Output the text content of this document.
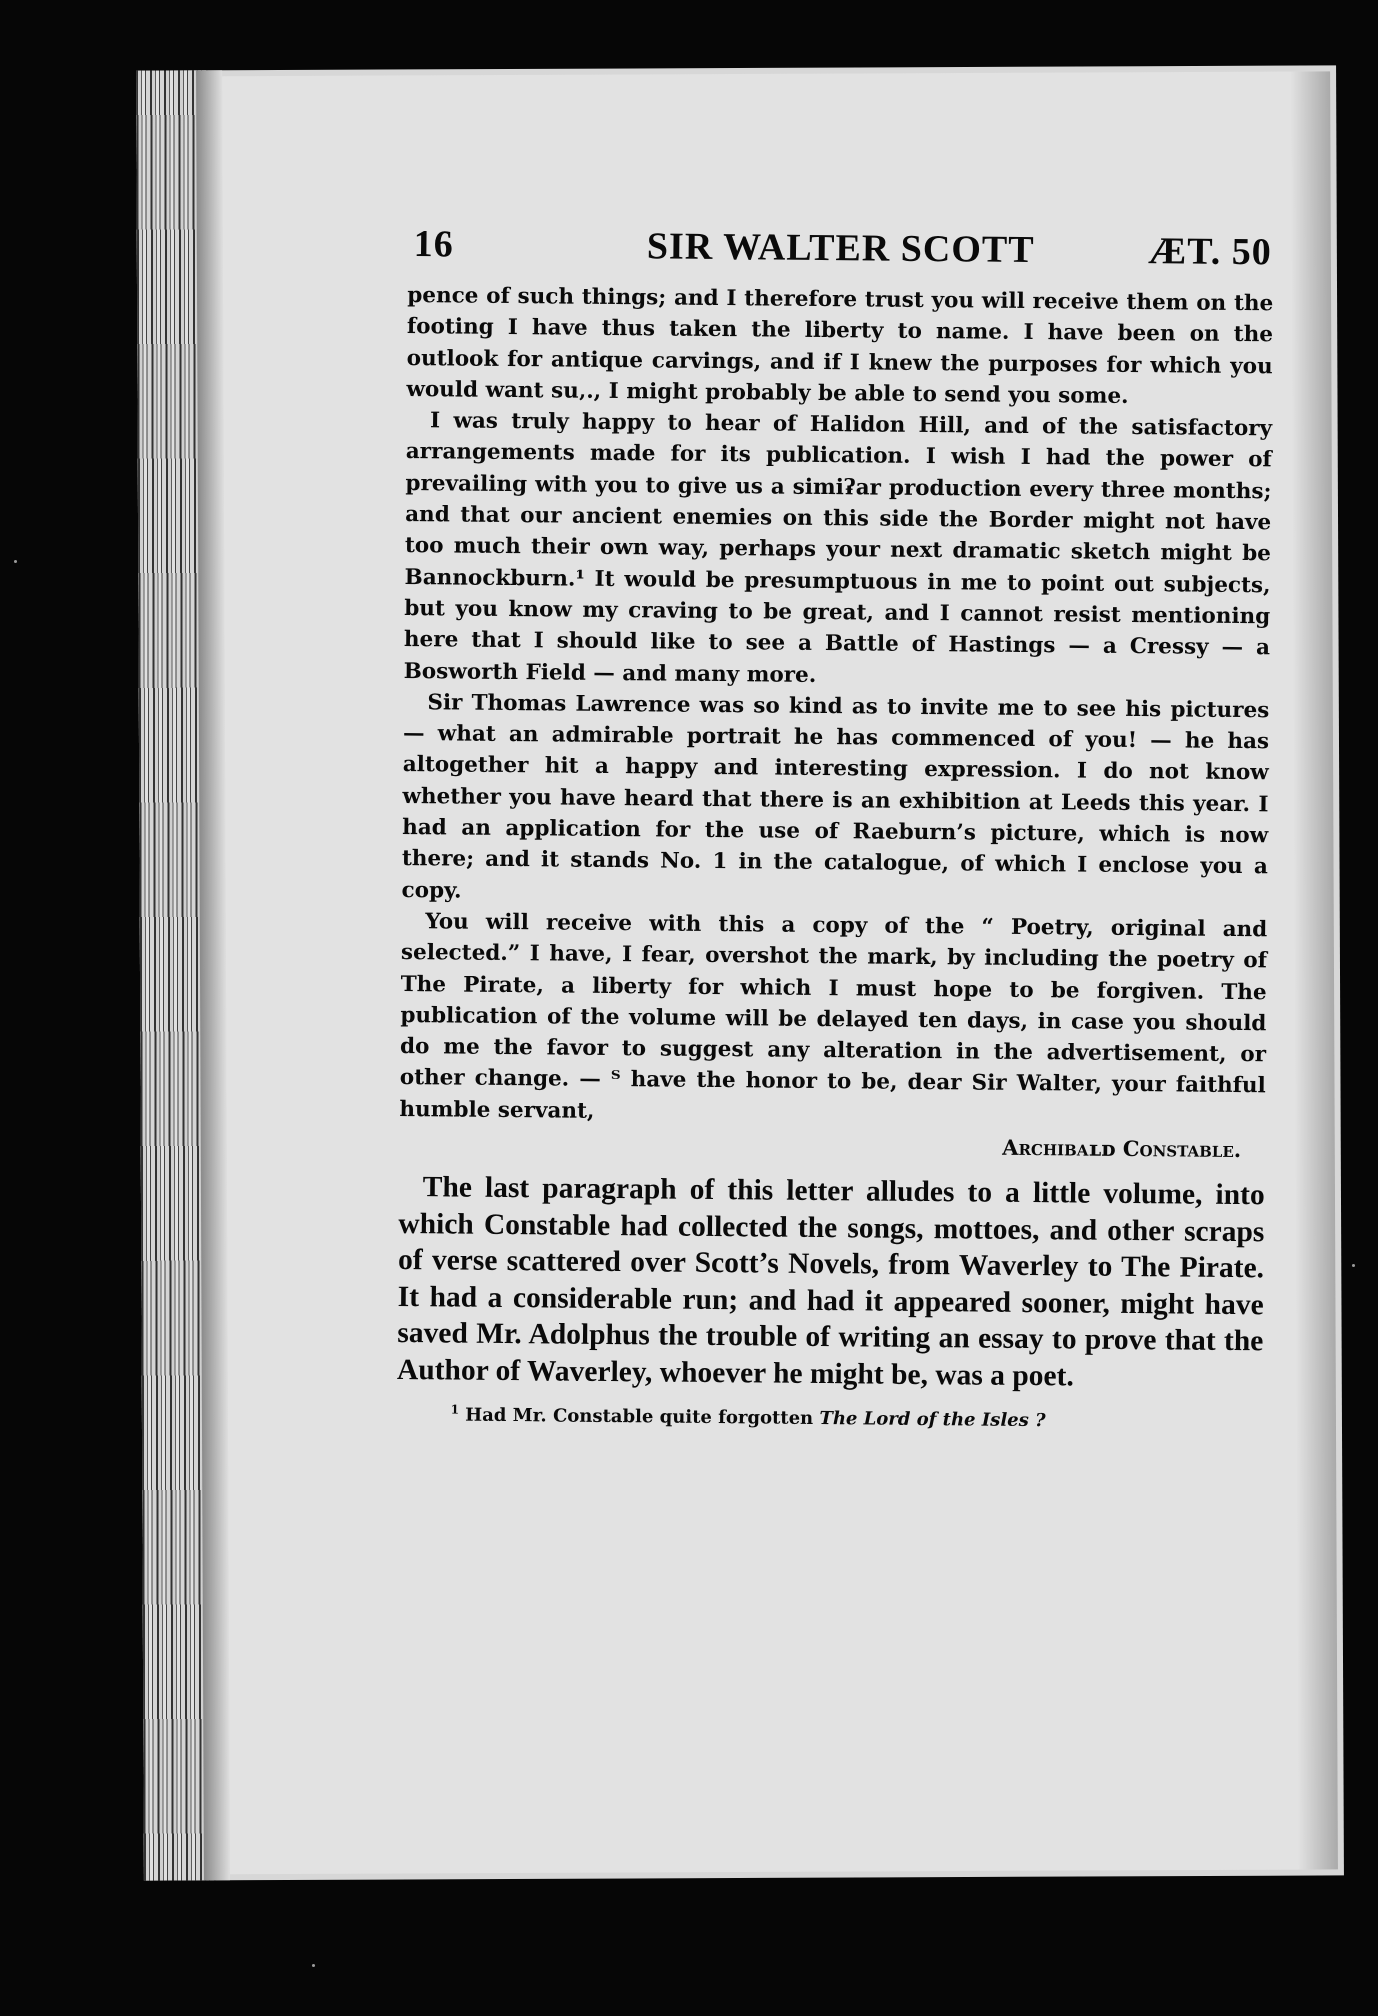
16	SIR WALTER SCOTT	ÆT. 50

pence of such things; and I therefore trust you will receive them on the footing I have thus taken the liberty to name. I have been on the outlook for antique carvings, and if I knew the purposes for which you would want su‚., I might probably be able to send you some.

I was truly happy to hear of Halidon Hill, and of the satisfactory arrangements made for its publication. I wish I had the power of prevailing with you to give us a simiʡar production every three months; and that our ancient enemies on this side the Border might not have too much their own way, perhaps your next dramatic sketch might be Bannockburn.¹ It would be presumptuous in me to point out subjects, but you know my craving to be great, and I cannot resist mentioning here that I should like to see a Battle of Hastings — a Cressy — a Bosworth Field — and many more.

Sir Thomas Lawrence was so kind as to invite me to see his pictures — what an admirable portrait he has commenced of you! — he has altogether hit a happy and interesting expression. I do not know whether you have heard that there is an exhibition at Leeds this year. I had an application for the use of Raeburn’s picture, which is now there; and it stands No. 1 in the catalogue, of which I enclose you a copy.

You will receive with this a copy of the “ Poetry, original and selected.” I have, I fear, overshot the mark, by including the poetry of The Pirate, a liberty for which I must hope to be forgiven. The publication of the volume will be delayed ten days, in case you should do me the favor to suggest any alteration in the advertisement, or other change. — ᵀ have the honor to be, dear Sir Walter, your faithful humble servant,

Archibaʟᴅ Constable.

The last paragraph of this letter alludes to a little volume, into which Constable had collected the songs, mottoes, and other scraps of verse scattered over Scott’s Novels, from Waverley to The Pirate. It had a considerable run; and had it appeared sooner, might have saved Mr. Adolphus the trouble of writing an essay to prove that the Author of Waverley, whoever he might be, was a poet.

$^1$ Had Mr. Constable quite forgotten The Lord of the Isles ?
